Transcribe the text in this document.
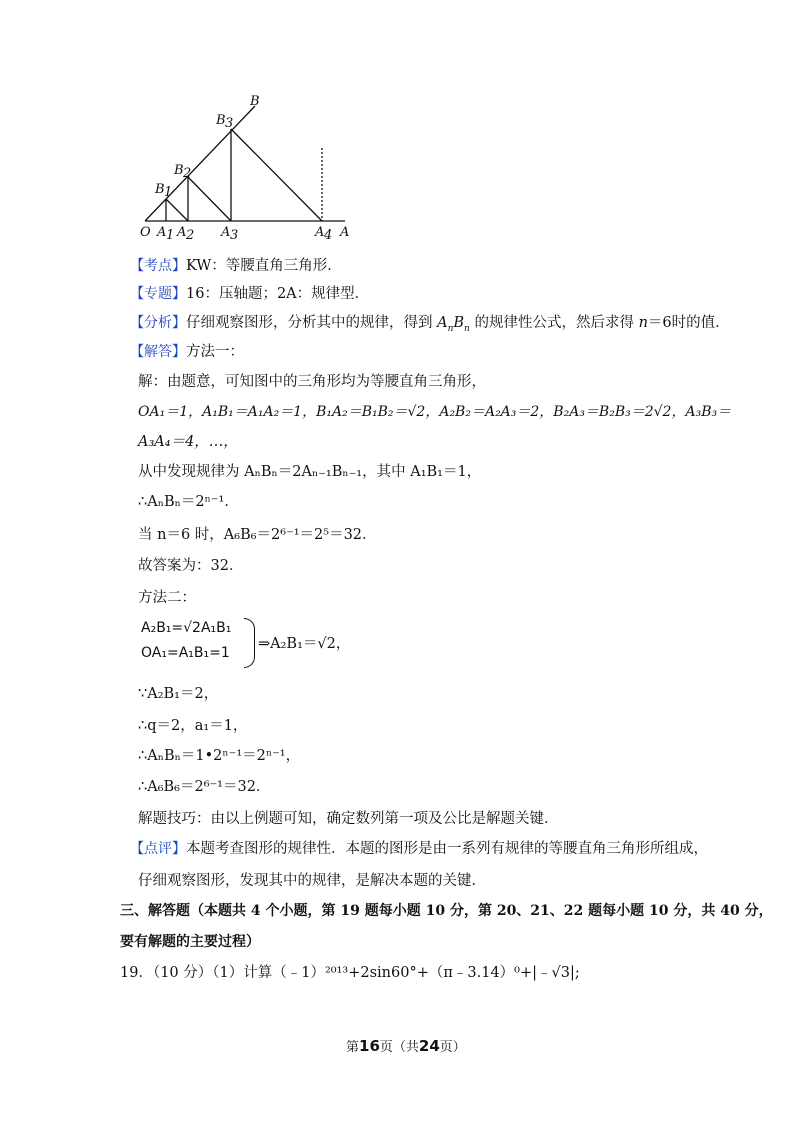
B
B 3
B 2
B 1
O A 1 A 2 A 3	A 4 A
【考点】KW：等腰直角三角形．
【专题】16：压轴题；2A：规律型．
【分析】仔细观察图形，分析其中的规律，得到 $A_nB_n$ 的规律性公式，然后求得 n＝6时的值．
【解答】方法一：
解：由题意，可知图中的三角形均为等腰直角三角形，
OA₁＝1，A₁B₁＝A₁A₂＝1，B₁A₂＝B₁B₂＝√2，A₂B₂＝A₂A₃＝2，B₂A₃＝B₂B₃＝2√2，A₃B₃＝
A₃A₄＝4，…，
从中发现规律为 AₙBₙ＝2Aₙ₋₁Bₙ₋₁，其中 A₁B₁＝1，
∴AₙBₙ＝2ⁿ⁻¹．
当 n＝6 时，A₆B₆＝2⁶⁻¹＝2⁵＝32．
故答案为：32．
方法二：
A₂B₁=√2A₁B₁
OA₁=A₁B₁=1
⇒A₂B₁＝√2，
∵A₂B₁＝2，
∴q＝2，a₁＝1，
∴AₙBₙ＝1•2ⁿ⁻¹＝2ⁿ⁻¹，
∴A₆B₆＝2⁶⁻¹＝32．
解题技巧：由以上例题可知，确定数列第一项及公比是解题关键．
【点评】本题考查图形的规律性．本题的图形是由一系列有规律的等腰直角三角形所组成，
仔细观察图形，发现其中的规律，是解决本题的关键．
三、解答题（本题共 4 个小题，第 19 题每小题 10 分，第 20、21、22 题每小题 10 分，共 40 分，
要有解题的主要过程）
19．（10 分）（1）计算（﹣1）²⁰¹³+2sin60°+（π﹣3.14）⁰+|﹣√3|;
第16页（共24页）
